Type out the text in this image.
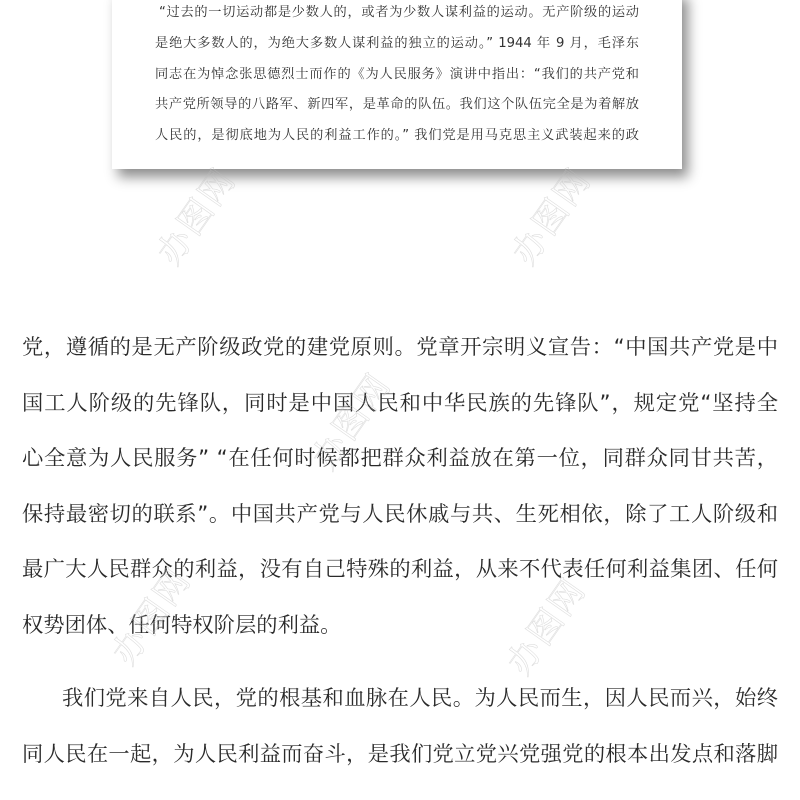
“过去的一切运动都是少数人的，或者为少数人谋利益的运动。无产阶级的运动
是绝大多数人的，为绝大多数人谋利益的独立的运动。” 1944 年 9 月，毛泽东
同志在为悼念张思德烈士而作的《为人民服务》演讲中指出：“我们的共产党和
共产党所领导的八路军、新四军，是革命的队伍。我们这个队伍完全是为着解放
人民的，是彻底地为人民的利益工作的。” 我们党是用马克思主义武装起来的政
党，遵循的是无产阶级政党的建党原则。党章开宗明义宣告：“中国共产党是中
国工人阶级的先锋队，同时是中国人民和中华民族的先锋队”，规定党“坚持全
心全意为人民服务” “在任何时候都把群众利益放在第一位，同群众同甘共苦，
保持最密切的联系”。中国共产党与人民休戚与共、生死相依，除了工人阶级和
最广大人民群众的利益，没有自己特殊的利益，从来不代表任何利益集团、任何
权势团体、任何特权阶层的利益。
我们党来自人民，党的根基和血脉在人民。为人民而生，因人民而兴，始终
同人民在一起，为人民利益而奋斗，是我们党立党兴党强党的根本出发点和落脚
办图网	办图网
办图网
办图网	办图网
